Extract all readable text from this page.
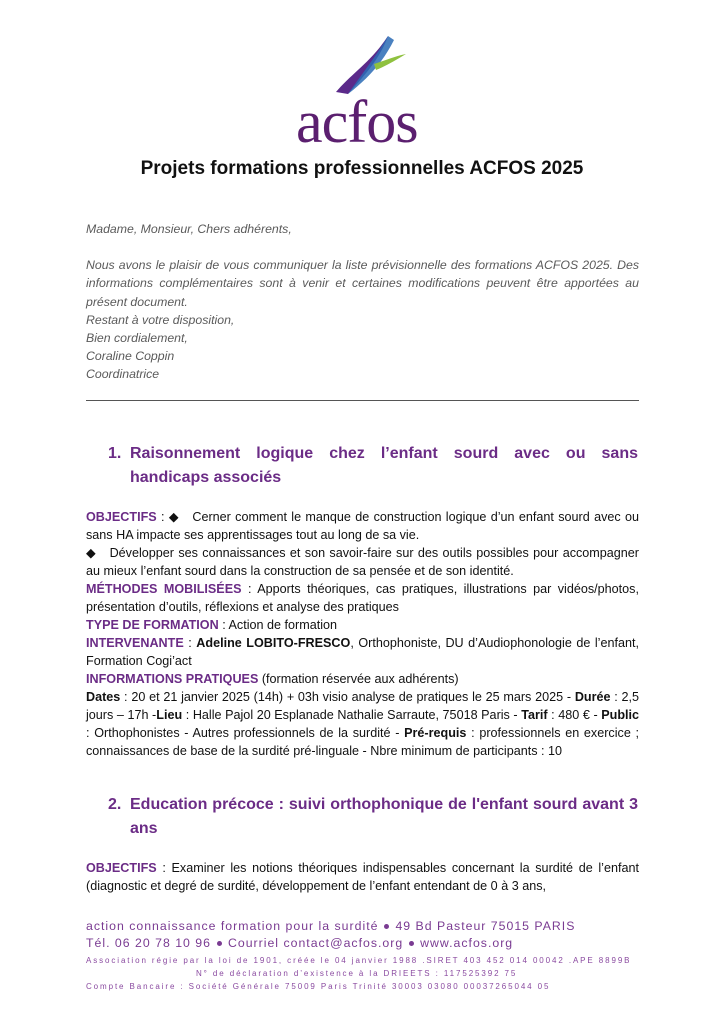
acfos
Projets formations professionnelles ACFOS 2025

Madame, Monsieur, Chers adhérents,

Nous avons le plaisir de vous communiquer la liste prévisionnelle des formations ACFOS 2025. Des informations complémentaires sont à venir et certaines modifications peuvent être apportées au présent document.

Restant à votre disposition,

Bien cordialement,

Coraline Coppin

Coordinatrice

1. Raisonnement logique chez l’enfant sourd avec ou sans handicaps associés

OBJECTIFS : ◆ Cerner comment le manque de construction logique d’un enfant sourd avec ou sans HA impacte ses apprentissages tout au long de sa vie.

◆ Développer ses connaissances et son savoir-faire sur des outils possibles pour accompagner au mieux l’enfant sourd dans la construction de sa pensée et de son identité.

MÉTHODES MOBILISÉES : Apports théoriques, cas pratiques, illustrations par vidéos/photos, présentation d’outils, réflexions et analyse des pratiques

TYPE DE FORMATION : Action de formation

INTERVENANTE : Adeline LOBITO-FRESCO, Orthophoniste, DU d’Audiophonologie de l’enfant, Formation Cogi’act

INFORMATIONS PRATIQUES (formation réservée aux adhérents)

Dates : 20 et 21 janvier 2025 (14h) + 03h visio analyse de pratiques le 25 mars 2025 - Durée : 2,5 jours – 17h -Lieu : Halle Pajol 20 Esplanade Nathalie Sarraute, 75018 Paris - Tarif : 480 € - Public : Orthophonistes - Autres professionnels de la surdité - Pré-requis : professionnels en exercice ; connaissances de base de la surdité pré-linguale - Nbre minimum de participants : 10

2. Education précoce : suivi orthophonique de l'enfant sourd avant 3 ans

OBJECTIFS : Examiner les notions théoriques indispensables concernant la surdité de l’enfant (diagnostic et degré de surdité, développement de l’enfant entendant de 0 à 3 ans,

action connaissance formation pour la surdité 49 Bd Pasteur 75015 PARIS
Tél. 06 20 78 10 96 Courriel contact@acfos.org www.acfos.org
Association régie par la loi de 1901, créée le 04 janvier 1988 .SIRET 403 452 014 00042 .APE 8899B
N° de déclaration d’existence à la DRIEETS : 117525392 75
Compte Bancaire : Société Générale 75009 Paris Trinité 30003 03080 00037265044 05
